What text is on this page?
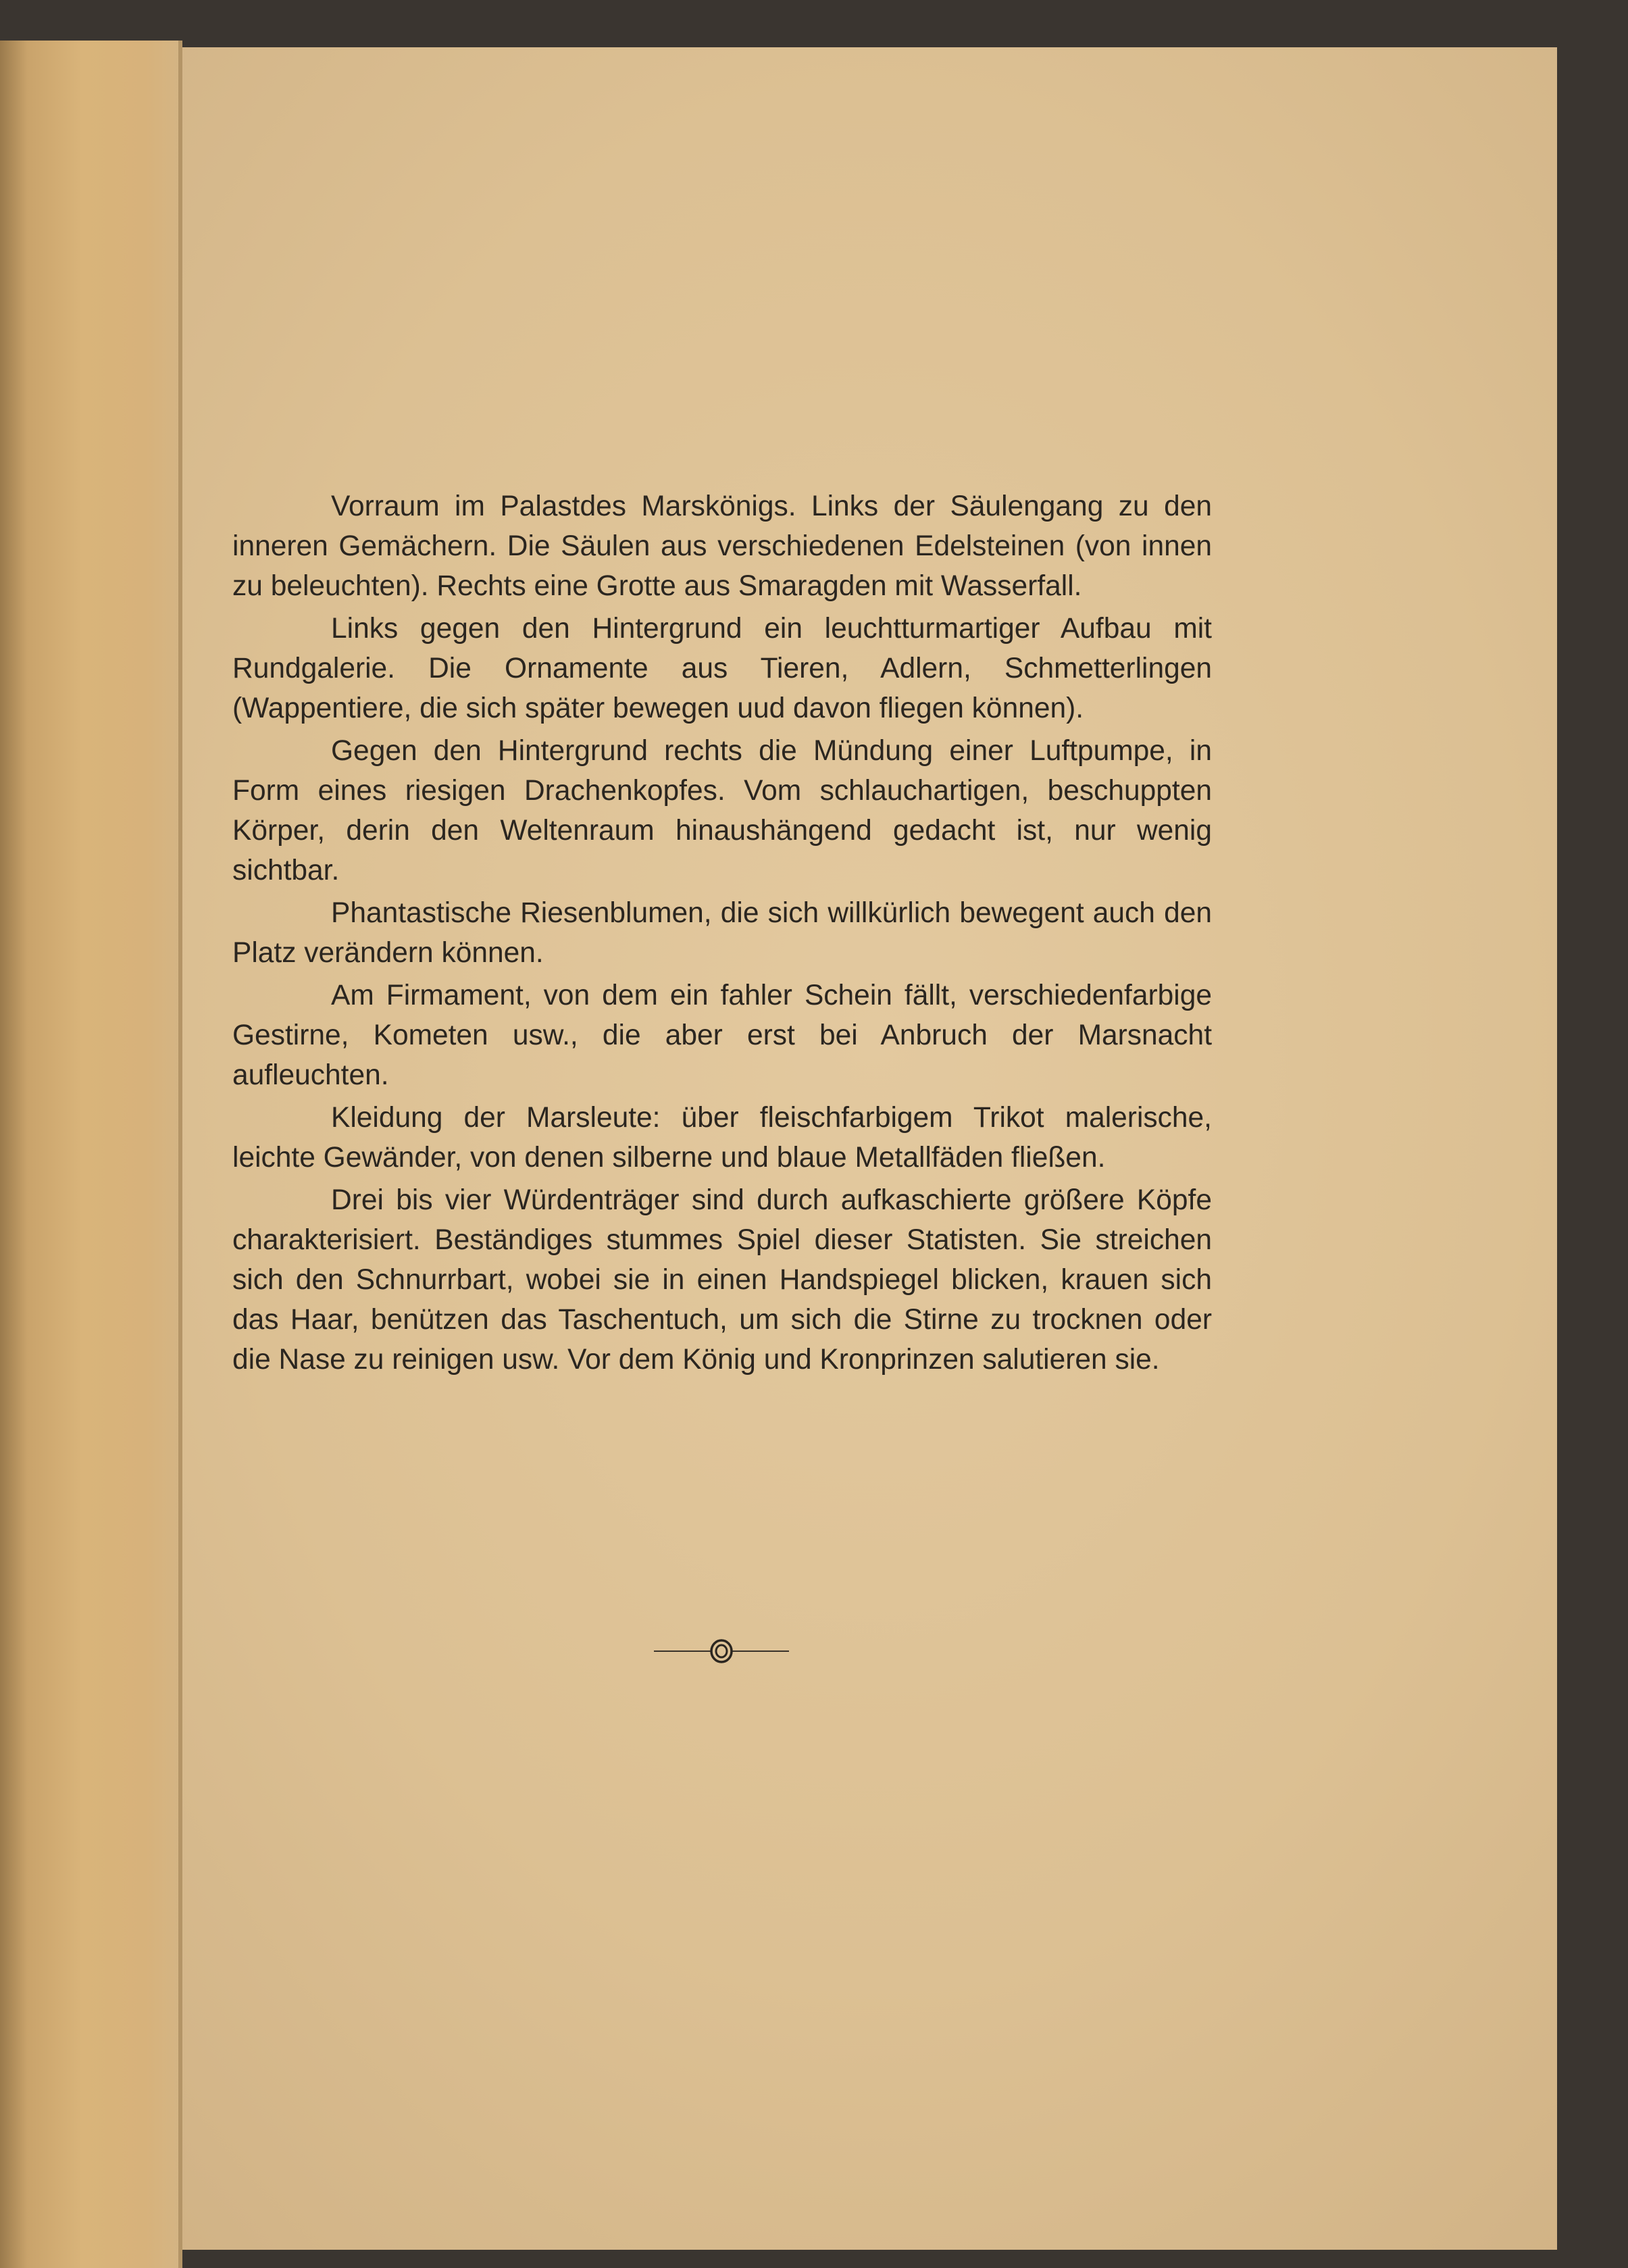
Vorraum im Palastdes Marskönigs. Links der Säulengang zu den inneren Gemächern. Die Säulen aus verschiedenen Edelsteinen (von innen zu beleuchten). Rechts eine Grotte aus Smaragden mit Wasserfall.

Links gegen den Hintergrund ein leuchtturmartiger Aufbau mit Rundgalerie. Die Ornamente aus Tieren, Adlern, Schmetterlingen (Wappentiere, die sich später bewegen uud davon fliegen können).

Gegen den Hintergrund rechts die Mündung einer Luftpumpe, in Form eines riesigen Drachenkopfes. Vom schlauchartigen, beschuppten Körper, derin den Weltenraum hinaushängend gedacht ist, nur wenig sichtbar.

Phantastische Riesenblumen, die sich willkürlich bewegent auch den Platz verändern können.

Am Firmament, von dem ein fahler Schein fällt, verschiedenfarbige Gestirne, Kometen usw., die aber erst bei Anbruch der Marsnacht aufleuchten.

Kleidung der Marsleute: über fleischfarbigem Trikot malerische, leichte Gewänder, von denen silberne und blaue Metallfäden fließen.

Drei bis vier Würdenträger sind durch aufkaschierte größere Köpfe charakterisiert. Beständiges stummes Spiel dieser Statisten. Sie streichen sich den Schnurrbart, wobei sie in einen Handspiegel blicken, krauen sich das Haar, benützen das Taschentuch, um sich die Stirne zu trocknen oder die Nase zu reinigen usw. Vor dem König und Kronprinzen salutieren sie.
